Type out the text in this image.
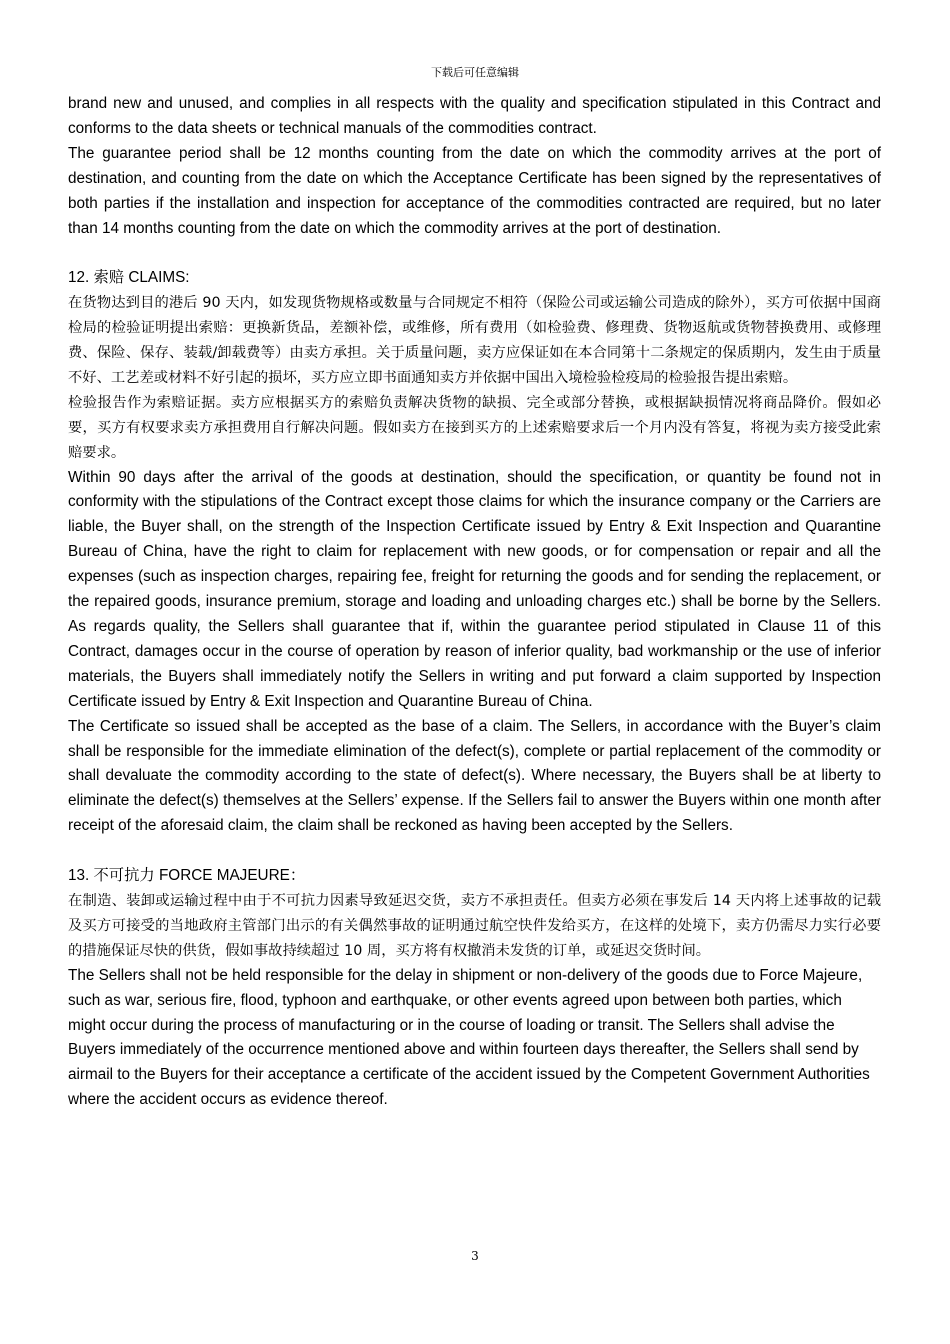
下载后可任意编辑

brand new and unused, and complies in all respects with the quality and specification stipulated in this Contract and conforms to the data sheets or technical manuals of the commodities contract.

The guarantee period shall be 12 months counting from the date on which the commodity arrives at the port of destination, and counting from the date on which the Acceptance Certificate has been signed by the representatives of both parties if the installation and inspection for acceptance of the commodities contracted are required, but no later than 14 months counting from the date on which the commodity arrives at the port of destination.

12. 索赔 CLAIMS:

在货物达到目的港后 90 天内，如发现货物规格或数量与合同规定不相符（保险公司或运输公司造成的除外），买方可依据中国商检局的检验证明提出索赔：更换新货品，差额补偿，或维修，所有费用（如检验费、修理费、货物返航或货物替换费用、或修理费、保险、保存、装载/卸载费等）由卖方承担。关于质量问题，卖方应保证如在本合同第十二条规定的保质期内，发生由于质量不好、工艺差或材料不好引起的损坏，买方应立即书面通知卖方并依据中国出入境检验检疫局的检验报告提出索赔。

检验报告作为索赔证据。卖方应根据买方的索赔负责解决货物的缺损、完全或部分替换，或根据缺损情况将商品降价。假如必要，买方有权要求卖方承担费用自行解决问题。假如卖方在接到买方的上述索赔要求后一个月内没有答复，将视为卖方接受此索赔要求。

Within 90 days after the arrival of the goods at destination, should the specification, or quantity be found not in conformity with the stipulations of the Contract except those claims for which the insurance company or the Carriers are liable, the Buyer shall, on the strength of the Inspection Certificate issued by Entry & Exit Inspection and Quarantine Bureau of China, have the right to claim for replacement with new goods, or for compensation or repair and all the expenses (such as inspection charges, repairing fee, freight for returning the goods and for sending the replacement, or the repaired goods, insurance premium, storage and loading and unloading charges etc.) shall be borne by the Sellers. As regards quality, the Sellers shall guarantee that if, within the guarantee period stipulated in Clause 11 of this Contract, damages occur in the course of operation by reason of inferior quality, bad workmanship or the use of inferior materials, the Buyers shall immediately notify the Sellers in writing and put forward a claim supported by Inspection Certificate issued by Entry & Exit Inspection and Quarantine Bureau of China.

The Certificate so issued shall be accepted as the base of a claim. The Sellers, in accordance with the Buyer’s claim shall be responsible for the immediate elimination of the defect(s), complete or partial replacement of the commodity or shall devaluate the commodity according to the state of defect(s). Where necessary, the Buyers shall be at liberty to eliminate the defect(s) themselves at the Sellers’ expense. If the Sellers fail to answer the Buyers within one month after receipt of the aforesaid claim, the claim shall be reckoned as having been accepted by the Sellers.

13. 不可抗力 FORCE MAJEURE：

在制造、装卸或运输过程中由于不可抗力因素导致延迟交货，卖方不承担责任。但卖方必须在事发后 14 天内将上述事故的记载及买方可接受的当地政府主管部门出示的有关偶然事故的证明通过航空快件发给买方，在这样的处境下，卖方仍需尽力实行必要的措施保证尽快的供货，假如事故持续超过 10 周，买方将有权撤消未发货的订单，或延迟交货时间。

The Sellers shall not be held responsible for the delay in shipment or non-delivery of the goods due to Force Majeure, such as war, serious fire, flood, typhoon and earthquake, or other events agreed upon between both parties, which might occur during the process of manufacturing or in the course of loading or transit. The Sellers shall advise the Buyers immediately of the occurrence mentioned above and within fourteen days thereafter, the Sellers shall send by airmail to the Buyers for their acceptance a certificate of the accident issued by the Competent Government Authorities where the accident occurs as evidence thereof.

3
